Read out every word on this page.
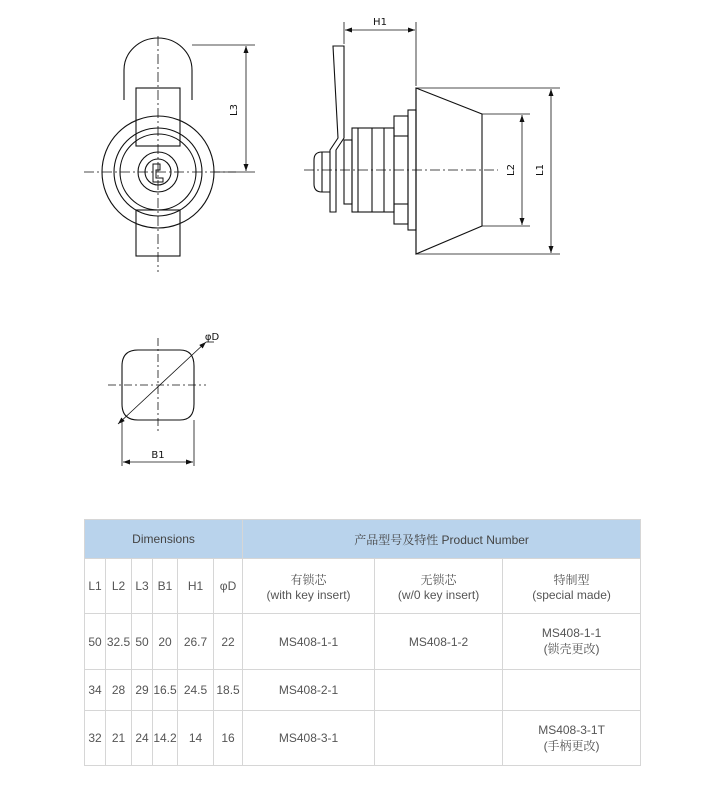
L3
H1
L2 L1
φD
B1
Dimensions						产品型号及特性 Product Number		
L1	L2	L3	B1	H1	φD	有锁芯
(with key insert)	无锁芯
(w/0 key insert)	特制型
(special made)

50	32.5	50	20	26.7	22	MS408-1-1	MS408-1-2	MS408-1-1
(锁壳更改)

34	28	29	16.5	24.5	18.5	MS408-2-1		

32	21	24	14.2	14	16	MS408-3-1		MS408-3-1T
(手柄更改)
